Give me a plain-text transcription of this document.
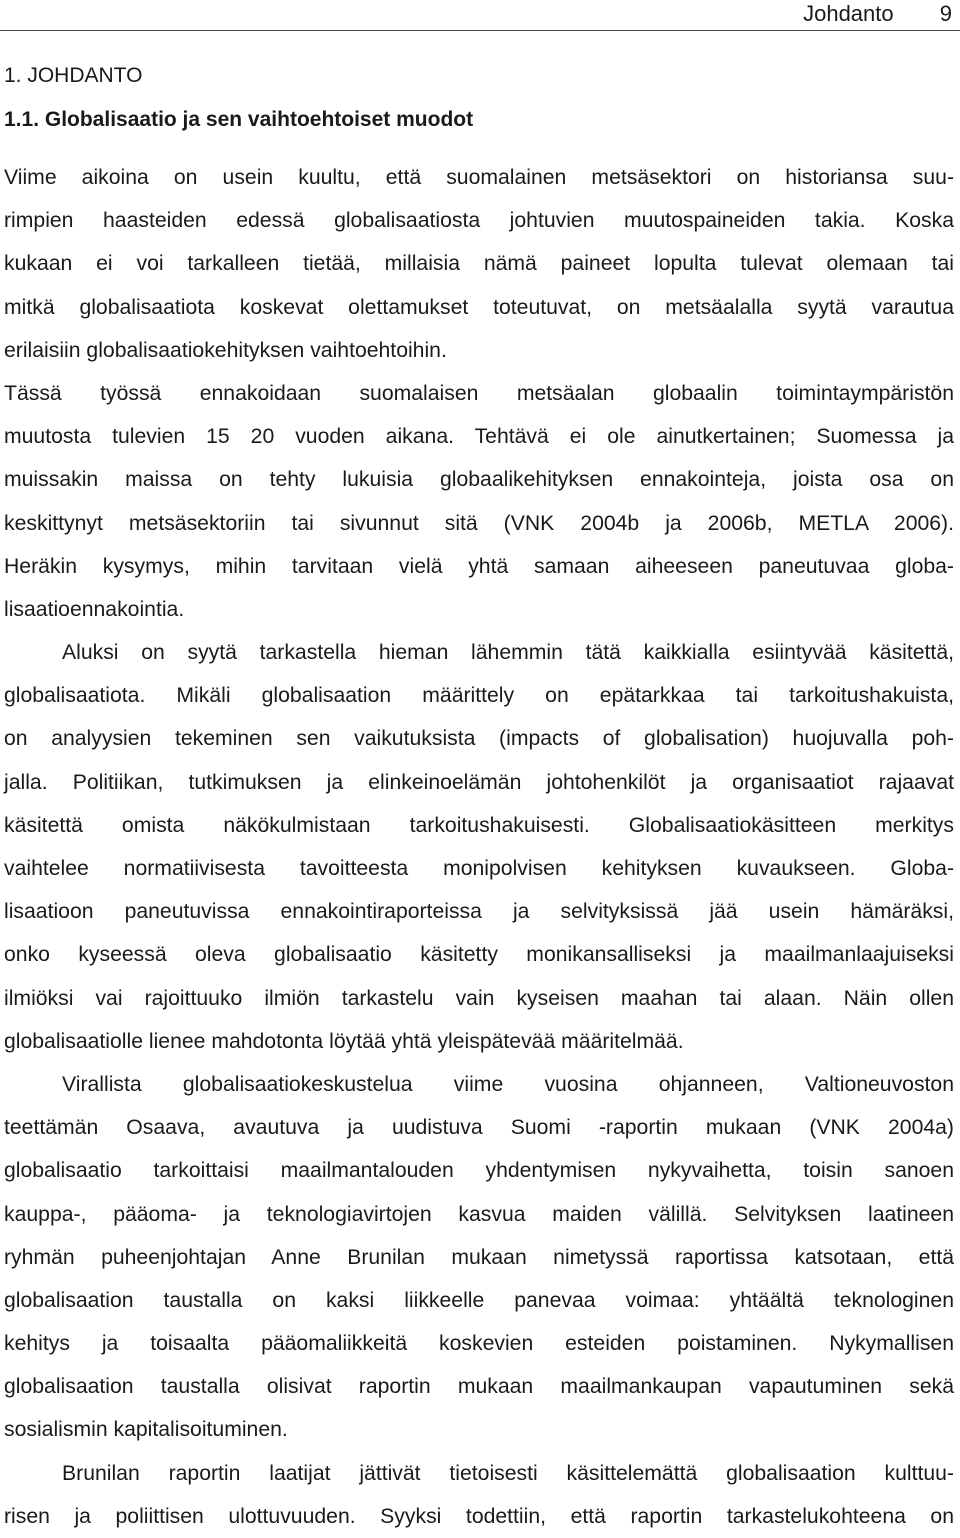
Johdanto 9
1. JOHDANTO
1.1. Globalisaatio ja sen vaihtoehtoiset muodot
Viime aikoina on usein kuultu, että suomalainen metsäsektori on historiansa suu-
rimpien haasteiden edessä globalisaatiosta johtuvien muutospaineiden takia. Koska
kukaan ei voi tarkalleen tietää, millaisia nämä paineet lopulta tulevat olemaan tai
mitkä globalisaatiota koskevat olettamukset toteutuvat, on metsäalalla syytä varautua
erilaisiin globalisaatiokehityksen vaihtoehtoihin.
Tässä työssä ennakoidaan suomalaisen metsäalan globaalin toimintaympäristön
muutosta tulevien 15 20 vuoden aikana. Tehtävä ei ole ainutkertainen; Suomessa ja
muissakin maissa on tehty lukuisia globaalikehityksen ennakointeja, joista osa on
keskittynyt metsäsektoriin tai sivunnut sitä (VNK 2004b ja 2006b, METLA 2006).
Heräkin kysymys, mihin tarvitaan vielä yhtä samaan aiheeseen paneutuvaa globa-
lisaatioennakointia.
Aluksi on syytä tarkastella hieman lähemmin tätä kaikkialla esiintyvää käsitettä,
globalisaatiota. Mikäli globalisaation määrittely on epätarkkaa tai tarkoitushakuista,
on analyysien tekeminen sen vaikutuksista (impacts of globalisation) huojuvalla poh-
jalla. Politiikan, tutkimuksen ja elinkeinoelämän johtohenkilöt ja organisaatiot rajaavat
käsitettä omista näkökulmistaan tarkoitushakuisesti. Globalisaatiokäsitteen merkitys
vaihtelee normatiivisesta tavoitteesta monipolvisen kehityksen kuvaukseen. Globa-
lisaatioon paneutuvissa ennakointiraporteissa ja selvityksissä jää usein hämäräksi,
onko kyseessä oleva globalisaatio käsitetty monikansalliseksi ja maailmanlaajuiseksi
ilmiöksi vai rajoittuuko ilmiön tarkastelu vain kyseisen maahan tai alaan. Näin ollen
globalisaatiolle lienee mahdotonta löytää yhtä yleispätevää määritelmää.
Virallista globalisaatiokeskustelua viime vuosina ohjanneen, Valtioneuvoston
teettämän Osaava, avautuva ja uudistuva Suomi -raportin mukaan (VNK 2004a)
globalisaatio tarkoittaisi maailmantalouden yhdentymisen nykyvaihetta, toisin sanoen
kauppa-, pääoma- ja teknologiavirtojen kasvua maiden välillä. Selvityksen laatineen
ryhmän puheenjohtajan Anne Brunilan mukaan nimetyssä raportissa katsotaan, että
globalisaation taustalla on kaksi liikkeelle panevaa voimaa: yhtäältä teknologinen
kehitys ja toisaalta pääomaliikkeitä koskevien esteiden poistaminen. Nykymallisen
globalisaation taustalla olisivat raportin mukaan maailmankaupan vapautuminen sekä
sosialismin kapitalisoituminen.
Brunilan raportin laatijat jättivät tietoisesti käsittelemättä globalisaation kulttuu-
risen ja poliittisen ulottuvuuden. Syyksi todettiin, että raportin tarkastelukohteena on
